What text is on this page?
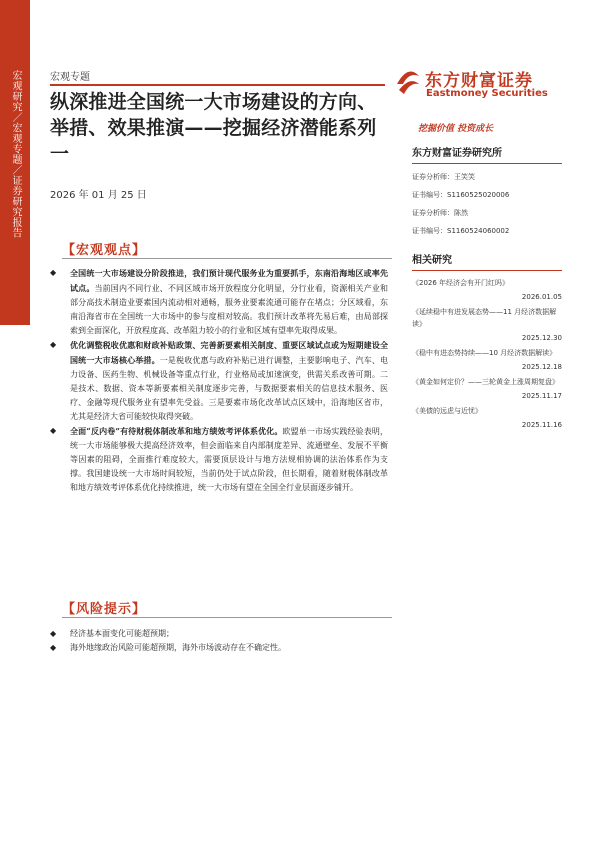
宏观研究／宏观专题／证券研究报告	宏观专题
纵深推进全国统一大市场建设的方向、举措、效果推演——挖掘经济潜能系列一
2026 年 01 月 25 日
东方财富证券
Eastmoney Securities
挖掘价值 投资成长
东方财富证券研究所
证券分析师：王笑笑
证书编号：S1160525020006
证券分析师：陈然
证书编号：S1160524060002
相关研究
《2026 年经济会有开门红吗》
2026.01.05
《延续稳中有进发展态势——11 月经济数据解读》
2025.12.30
《稳中有进态势持续——10 月经济数据解读》
2025.12.18
《黄金如何定价？——三轮黄金上涨周期复盘》
2025.11.17
《美债的远虑与近忧》
2025.11.16
【宏观观点】
◆ 全国统一大市场建设分阶段推进，我们预计现代服务业为重要抓手，东南沿海地区或率先试点。当前国内不同行业、不同区域市场开放程度分化明显，分行业看，资源相关产业和部分高技术制造业要素国内流动相对通畅，服务业要素流通可能存在堵点；分区域看，东南沿海省市在全国统一大市场中的参与度相对较高。我们预计改革将先易后难，由局部探索到全面深化，开放程度高、改革阻力较小的行业和区域有望率先取得成果。
◆ 优化调整税收优惠和财政补贴政策、完善新要素相关制度、重要区域试点或为短期建设全国统一大市场核心举措。一是税收优惠与政府补贴已进行调整，主要影响电子、汽车、电力设备、医药生物、机械设备等重点行业，行业格局或加速演变，供需关系改善可期。二是技术、数据、资本等新要素相关制度逐步完善，与数据要素相关的信息技术服务、医疗、金融等现代服务业有望率先受益。三是要素市场化改革试点区域中，沿海地区省市，尤其是经济大省可能较快取得突破。
◆ 全面“反内卷”有待财税体制改革和地方绩效考评体系优化。欧盟单一市场实践经验表明，统一大市场能够极大提高经济效率，但会面临来自内部制度差异、流通壁垒、发展不平衡等因素的阻碍，全面推行难度较大，需要顶层设计与地方法规相协调的法治体系作为支撑。我国建设统一大市场时间较短，当前仍处于试点阶段，但长期看，随着财税体制改革和地方绩效考评体系优化持续推进，统一大市场有望在全国全行业层面逐步铺开。
【风险提示】
◆ 经济基本面变化可能超预期；
◆ 海外地缘政治风险可能超预期，海外市场波动存在不确定性。
